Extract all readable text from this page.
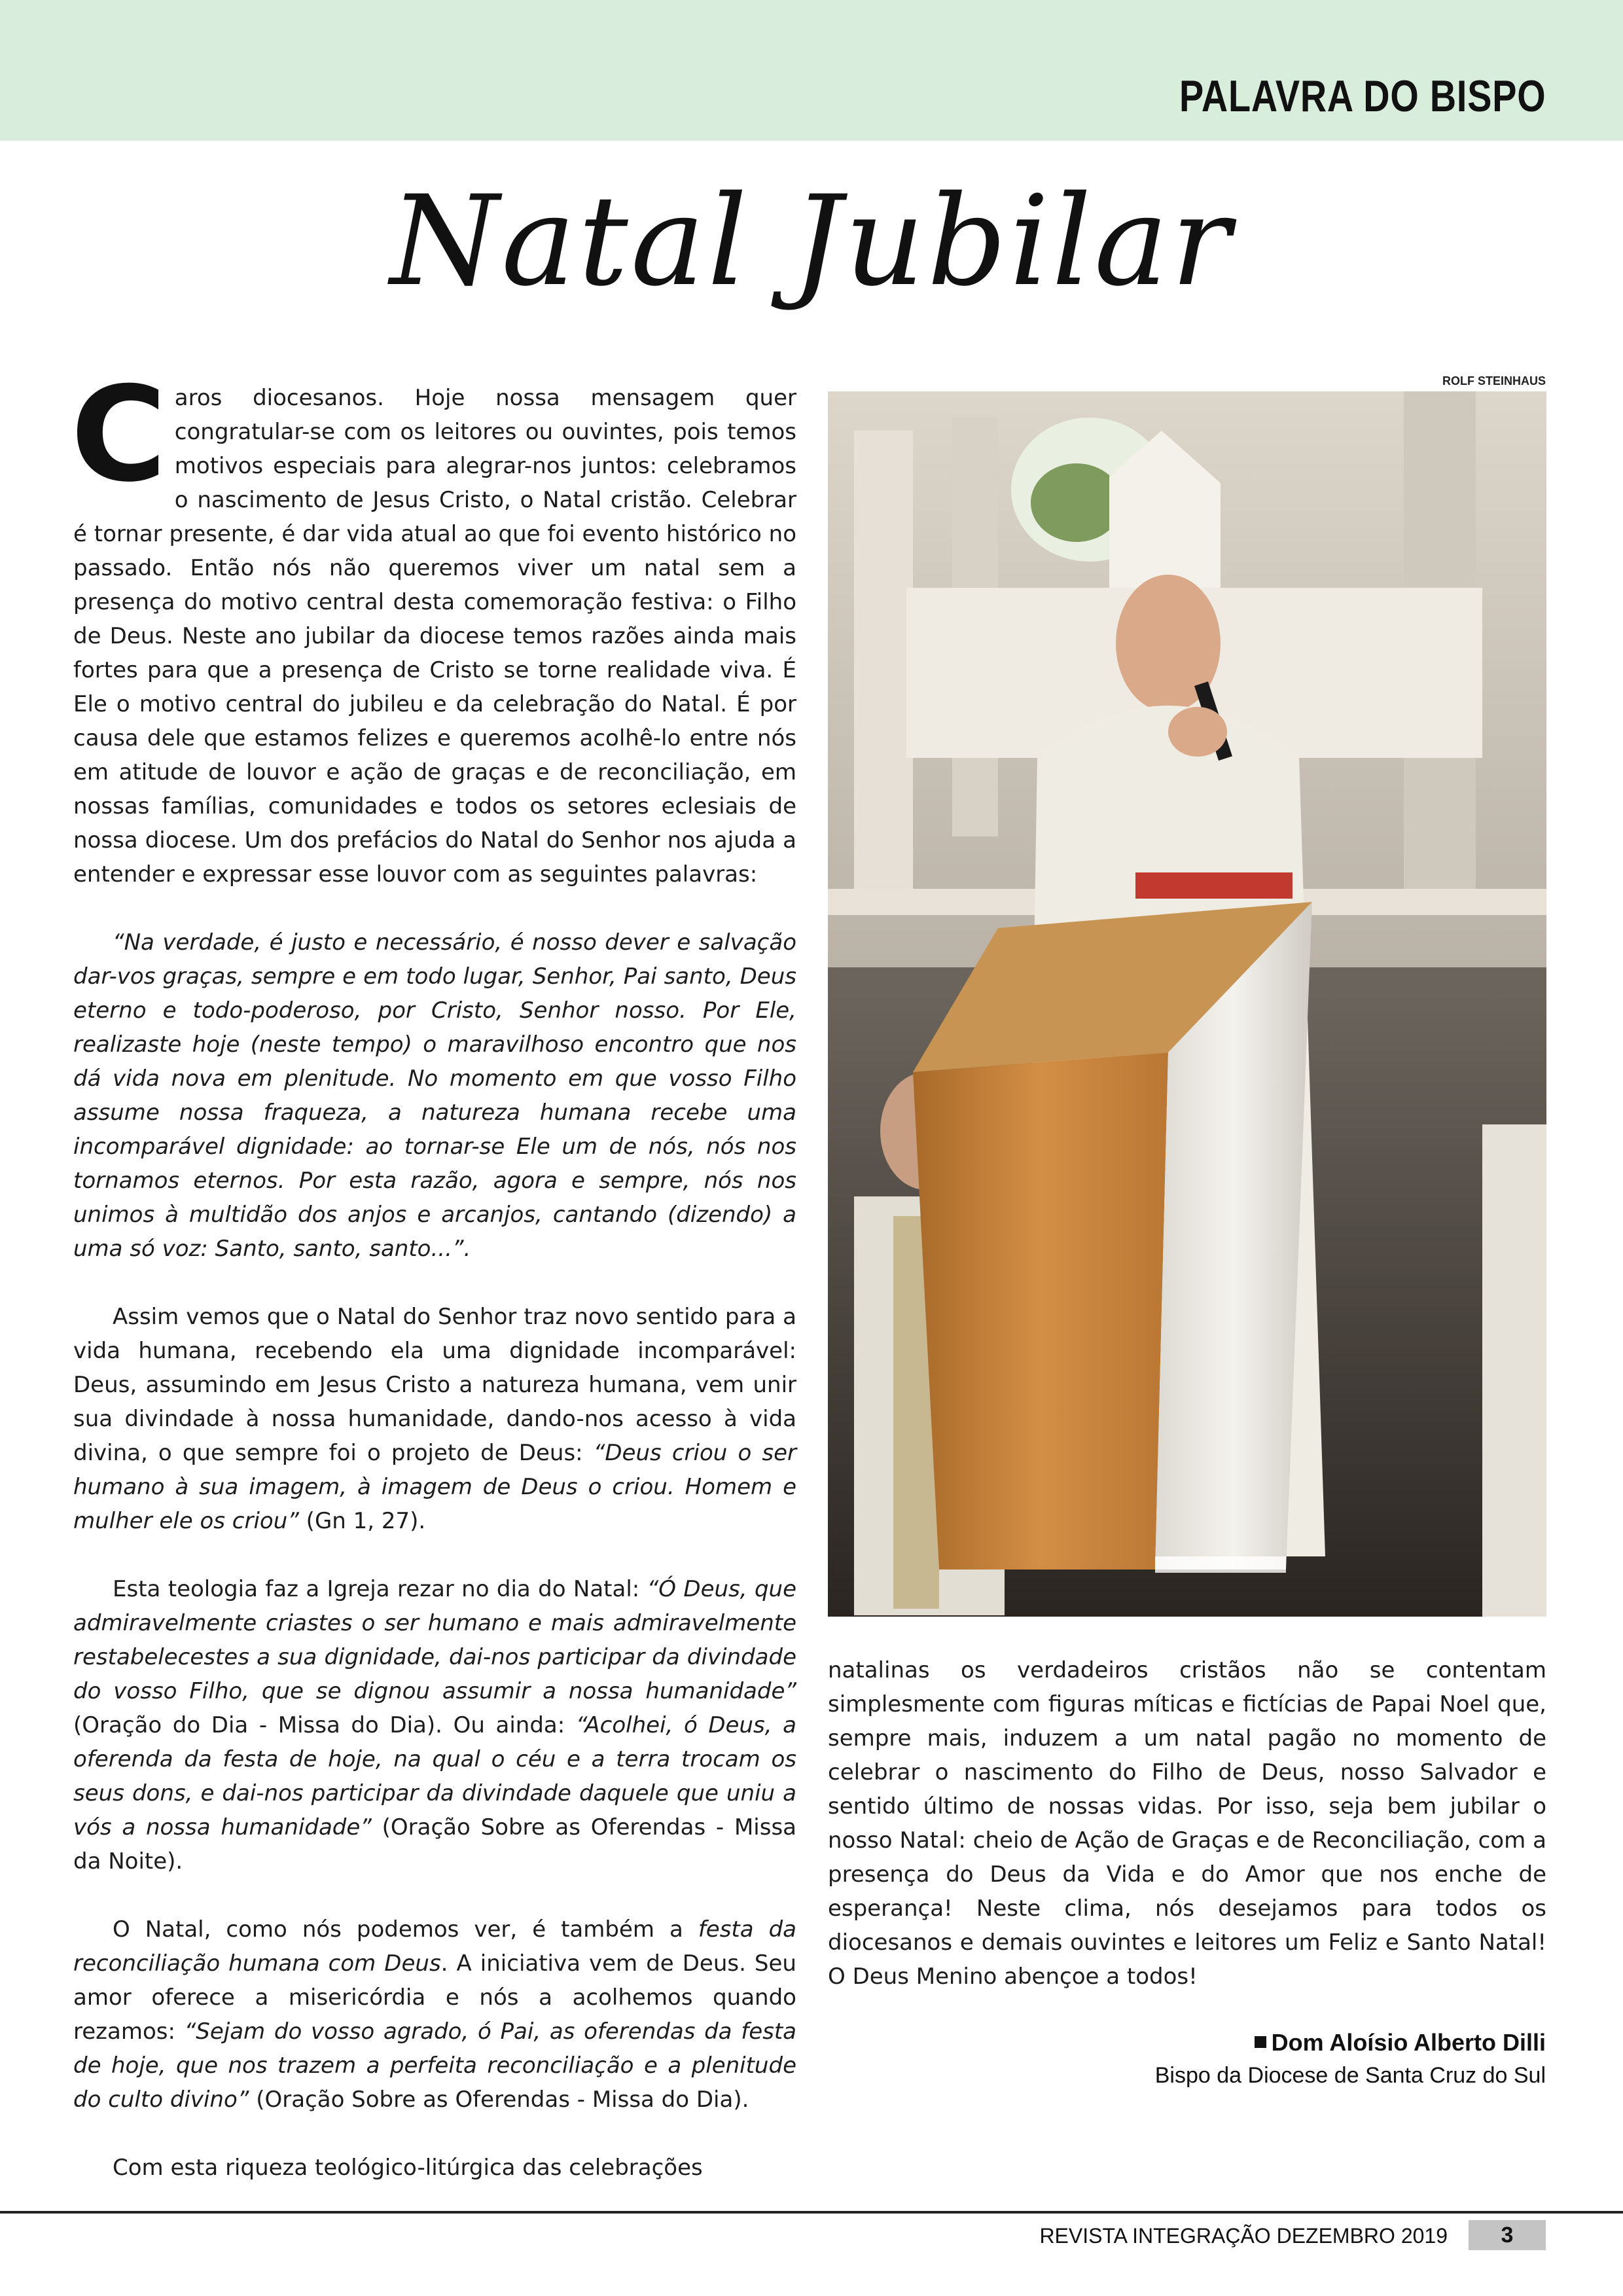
PALAVRA DO BISPO
Natal Jubilar

Caros diocesanos. Hoje nossa mensagem quer congratular-se com os leitores ou ouvintes, pois temos motivos especiais para alegrar-nos juntos: celebramos o nascimento de Jesus Cristo, o Natal cristão. Celebrar é tornar presente, é dar vida atual ao que foi evento histórico no passado. Então nós não queremos viver um natal sem a presença do motivo central desta comemoração festiva: o Filho de Deus. Neste ano jubilar da diocese temos razões ainda mais fortes para que a presença de Cristo se torne realidade viva. É Ele o motivo central do jubileu e da celebração do Natal. É por causa dele que estamos felizes e queremos acolhê-lo entre nós em atitude de louvor e ação de graças e de reconciliação, em nossas famílias, comunidades e todos os setores eclesiais de nossa diocese. Um dos prefácios do Natal do Senhor nos ajuda a entender e expressar esse louvor com as seguintes palavras:

“Na verdade, é justo e necessário, é nosso dever e salvação dar-vos graças, sempre e em todo lugar, Senhor, Pai santo, Deus eterno e todo-poderoso, por Cristo, Senhor nosso. Por Ele, realizaste hoje (neste tempo) o maravilhoso encontro que nos dá vida nova em plenitude. No momento em que vosso Filho assume nossa fraqueza, a natureza humana recebe uma incomparável dignidade: ao tornar-se Ele um de nós, nós nos tornamos eternos. Por esta razão, agora e sempre, nós nos unimos à multidão dos anjos e arcanjos, cantando (dizendo) a uma só voz: Santo, santo, santo...”.

Assim vemos que o Natal do Senhor traz novo sentido para a vida humana, recebendo ela uma dignidade incomparável: Deus, assumindo em Jesus Cristo a natureza humana, vem unir sua divindade à nossa humanidade, dando-nos acesso à vida divina, o que sempre foi o projeto de Deus: “Deus criou o ser humano à sua imagem, à imagem de Deus o criou. Homem e mulher ele os criou” (Gn 1, 27).

Esta teologia faz a Igreja rezar no dia do Natal: “Ó Deus, que admiravelmente criastes o ser humano e mais admiravelmente restabelecestes a sua dignidade, dai-nos participar da divindade do vosso Filho, que se dignou assumir a nossa humanidade” (Oração do Dia - Missa do Dia). Ou ainda: “Acolhei, ó Deus, a oferenda da festa de hoje, na qual o céu e a terra trocam os seus dons, e dai-nos participar da divindade daquele que uniu a vós a nossa humanidade” (Oração Sobre as Oferendas - Missa da Noite).

O Natal, como nós podemos ver, é também a festa da reconciliação humana com Deus. A iniciativa vem de Deus. Seu amor oferece a misericórdia e nós a acolhemos quando rezamos: “Sejam do vosso agrado, ó Pai, as oferendas da festa de hoje, que nos trazem a perfeita reconciliação e a plenitude do culto divino” (Oração Sobre as Oferendas - Missa do Dia).

Com esta riqueza teológico-litúrgica das celebrações

ROLF STEINHAUS

natalinas os verdadeiros cristãos não se contentam simplesmente com figuras míticas e fictícias de Papai Noel que, sempre mais, induzem a um natal pagão no momento de celebrar o nascimento do Filho de Deus, nosso Salvador e sentido último de nossas vidas. Por isso, seja bem jubilar o nosso Natal: cheio de Ação de Graças e de Reconciliação, com a presença do Deus da Vida e do Amor que nos enche de esperança! Neste clima, nós desejamos para todos os diocesanos e demais ouvintes e leitores um Feliz e Santo Natal! O Deus Menino abençoe a todos!

Dom Aloísio Alberto Dilli
Bispo da Diocese de Santa Cruz do Sul
REVISTA INTEGRAÇÃO DEZEMBRO 2019	3
